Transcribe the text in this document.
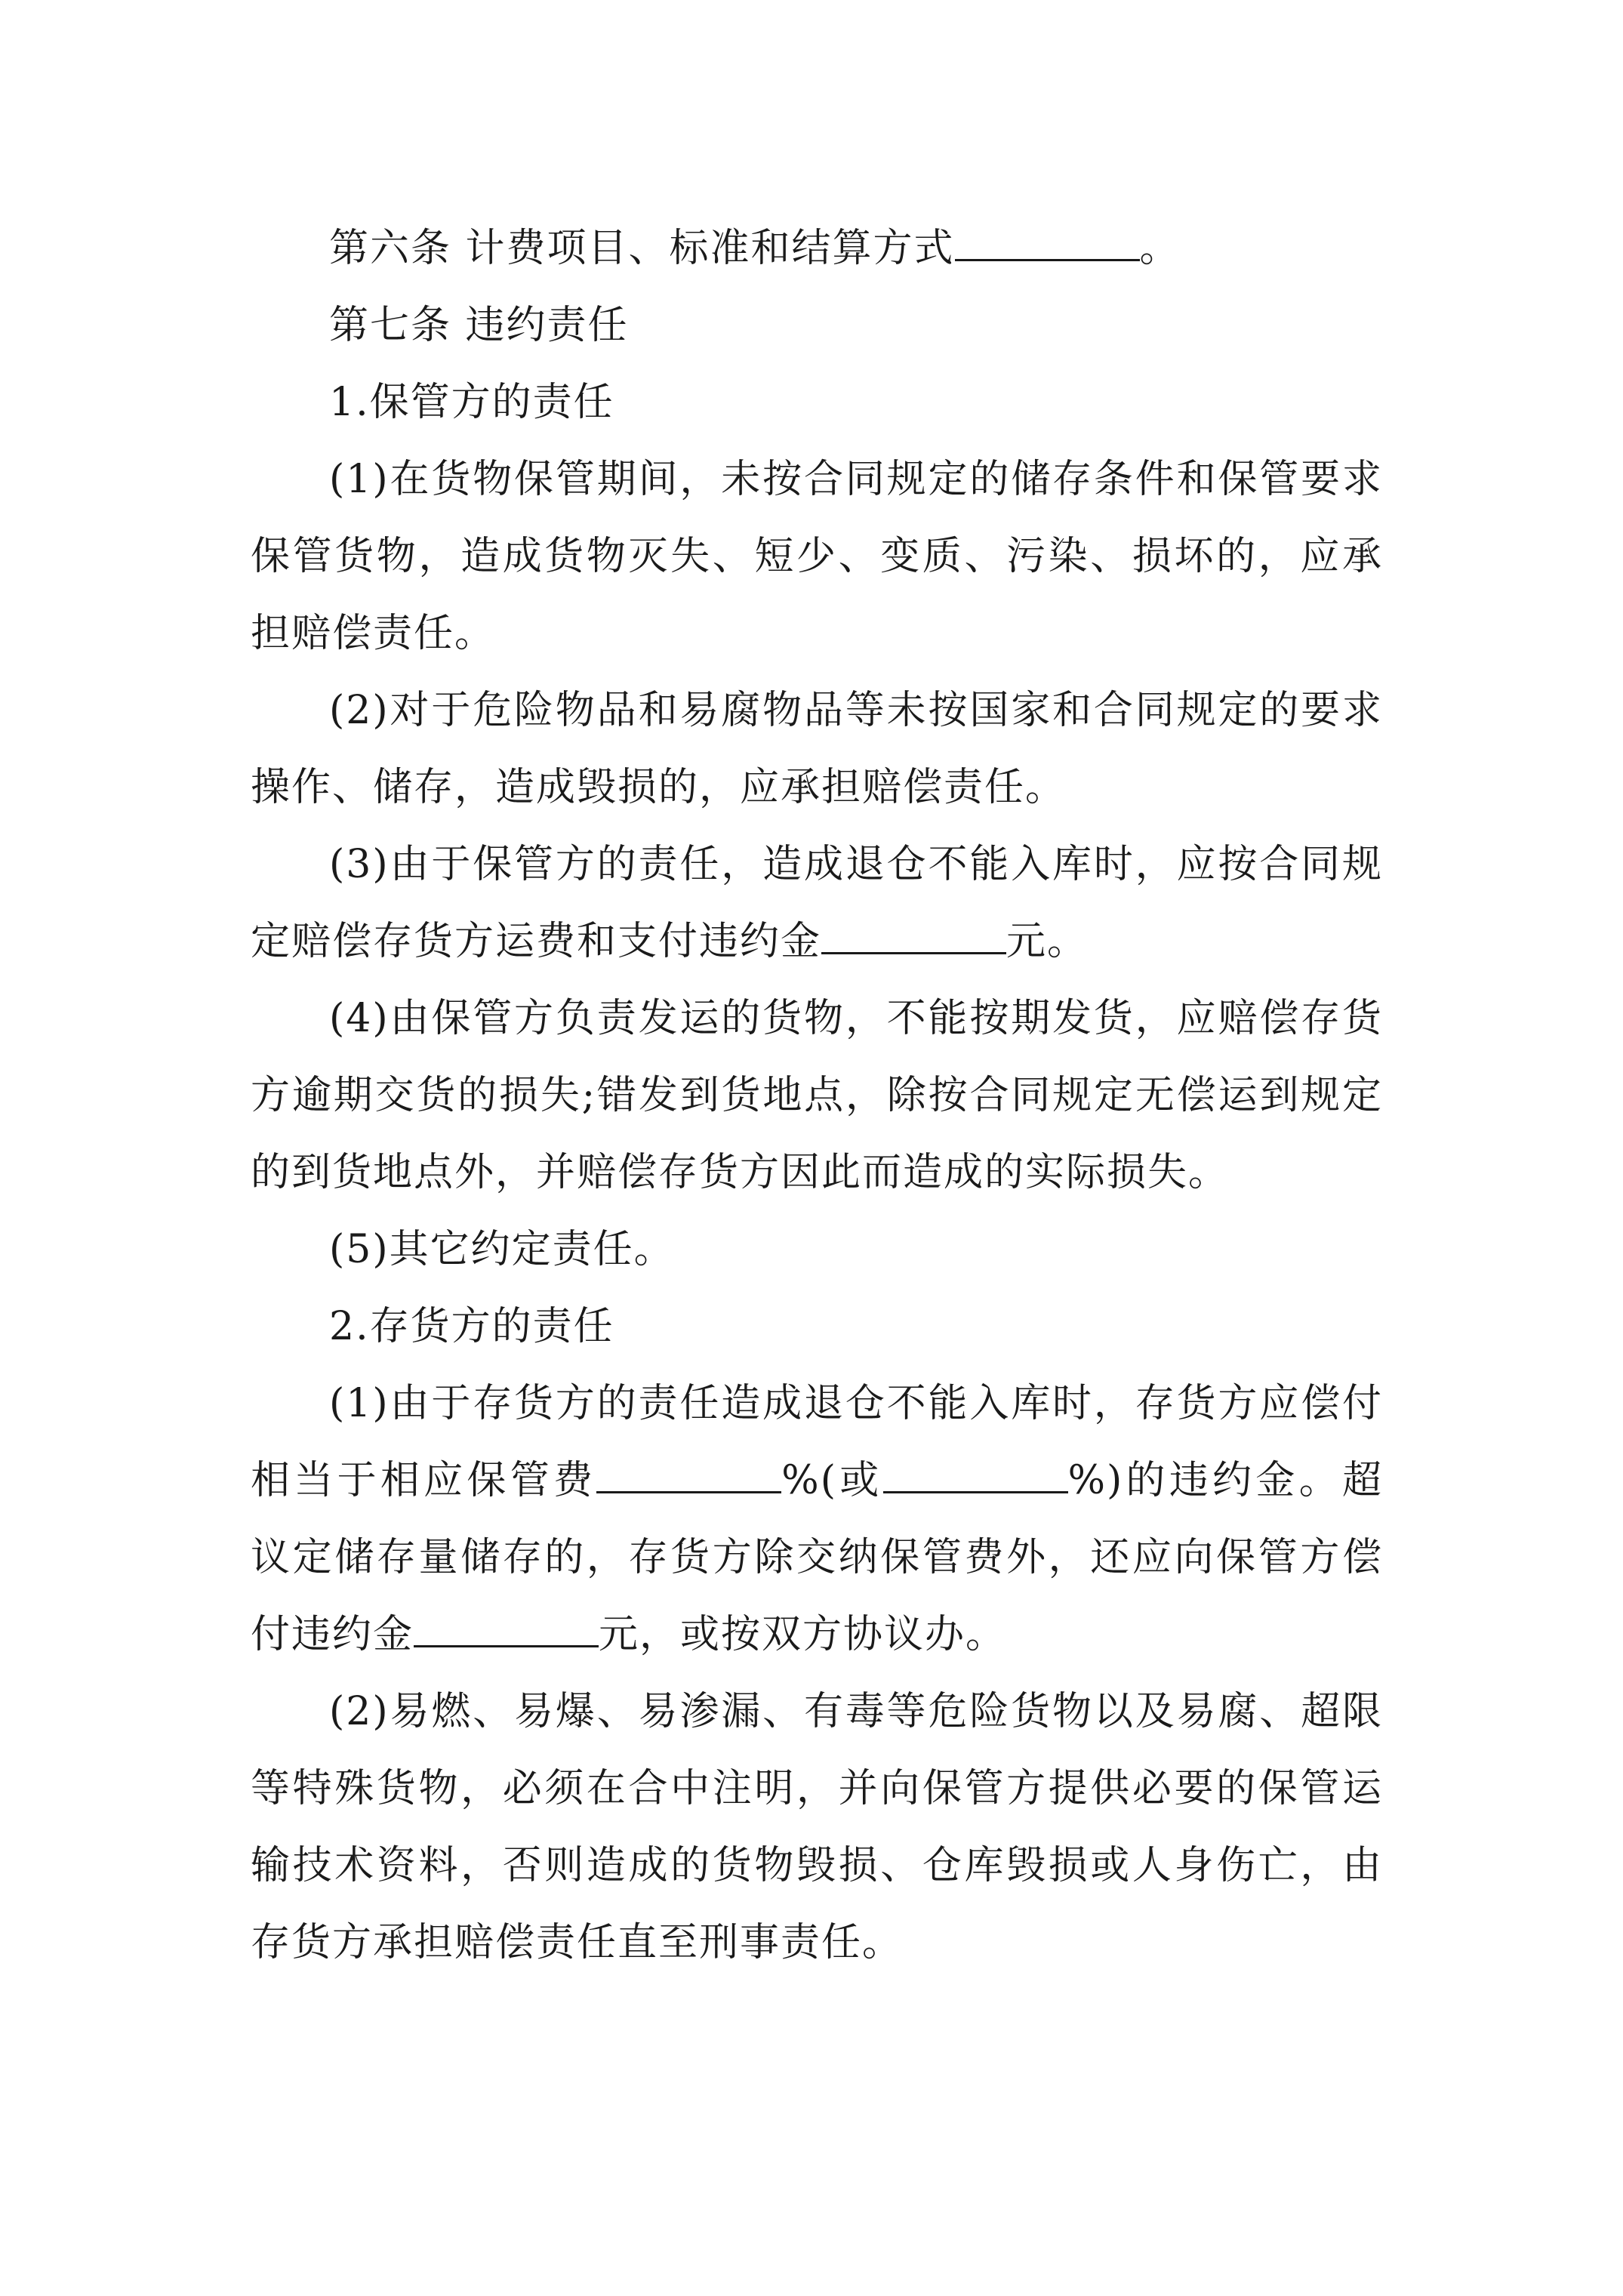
第六条 计费项目、标准和结算方式	。

第七条 违约责任

1.保管方的责任

(1)在货物保管期间，未按合同规定的储存条件和保管要求保管货物，造成货物灭失、短少、变质、污染、损坏的，应承担赔偿责任。

(2)对于危险物品和易腐物品等未按国家和合同规定的要求操作、储存，造成毁损的，应承担赔偿责任。

(3)由于保管方的责任，造成退仓不能入库时，应按合同规定赔偿存货方运费和支付违约金	元。

(4)由保管方负责发运的货物，不能按期发货，应赔偿存货方逾期交货的损失;错发到货地点，除按合同规定无偿运到规定的到货地点外，并赔偿存货方因此而造成的实际损失。

(5)其它约定责任。

2.存货方的责任

(1)由于存货方的责任造成退仓不能入库时，存货方应偿付相当于相应保管费	%(或	%)的违约金。超议定储存量储存的，存货方除交纳保管费外，还应向保管方偿付违约金	元，或按双方协议办。

(2)易燃、易爆、易渗漏、有毒等危险货物以及易腐、超限等特殊货物，必须在合中注明，并向保管方提供必要的保管运输技术资料，否则造成的货物毁损、仓库毁损或人身伤亡，由存货方承担赔偿责任直至刑事责任。
